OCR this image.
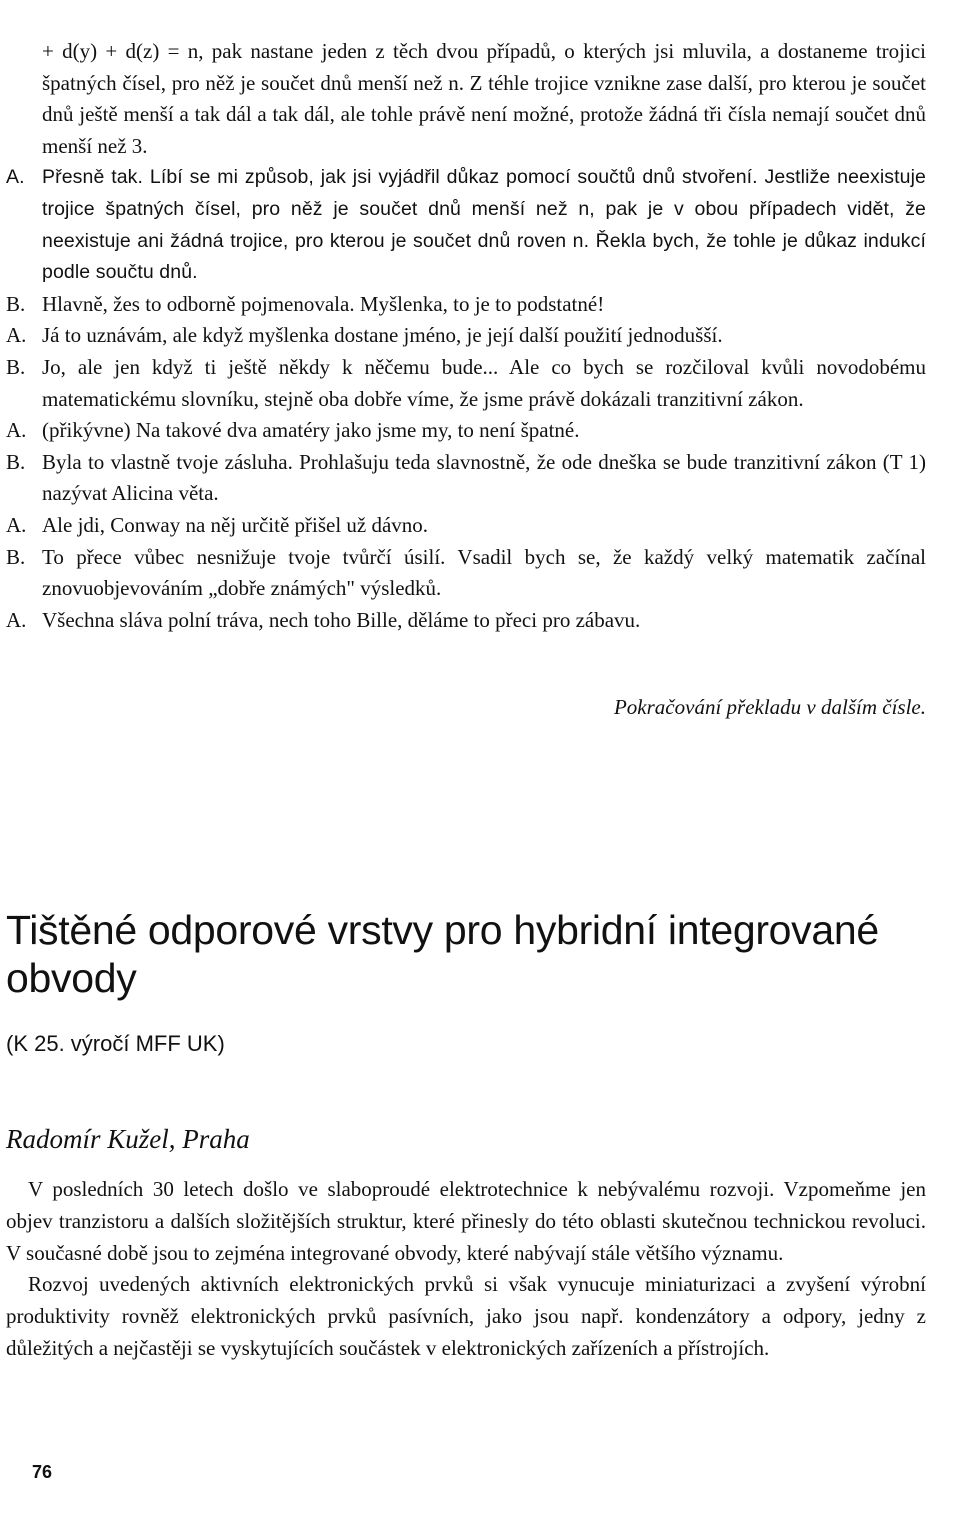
+ d(y) + d(z) = n, pak nastane jeden z těch dvou případů, o kterých jsi mluvila, a dostaneme trojici špatných čísel, pro něž je součet dnů menší než n. Z téhle trojice vznikne zase další, pro kterou je součet dnů ještě menší a tak dál a tak dál, ale tohle právě není možné, protože žádná tři čísla nemají součet dnů menší než 3.

A. Přesně tak. Líbí se mi způsob, jak jsi vyjádřil důkaz pomocí součtů dnů stvoření. Jestliže neexistuje trojice špatných čísel, pro něž je součet dnů menší než n, pak je v obou případech vidět, že neexistuje ani žádná trojice, pro kterou je součet dnů roven n. Řekla bych, že tohle je důkaz indukcí podle součtu dnů.

B. Hlavně, žes to odborně pojmenovala. Myšlenka, to je to podstatné!

A. Já to uznávám, ale když myšlenka dostane jméno, je její další použití jednodušší.

B. Jo, ale jen když ti ještě někdy k něčemu bude... Ale co bych se rozčiloval kvůli novodobému matematickému slovníku, stejně oba dobře víme, že jsme právě dokázali tranzitivní zákon.

A. (přikývne) Na takové dva amatéry jako jsme my, to není špatné.

B. Byla to vlastně tvoje zásluha. Prohlašuju teda slavnostně, že ode dneška se bude tranzitivní zákon (T 1) nazývat Alicina věta.

A. Ale jdi, Conway na něj určitě přišel už dávno.

B. To přece vůbec nesnižuje tvoje tvůrčí úsilí. Vsadil bych se, že každý velký matematik začínal znovuobjevováním „dobře známých" výsledků.

A. Všechna sláva polní tráva, nech toho Bille, děláme to přeci pro zábavu.

Pokračování překladu v dalším čísle.
Tištěné odporové vrstvy pro hybridní integrované obvody
(K 25. výročí MFF UK)
Radomír Kužel, Praha

V posledních 30 letech došlo ve slaboproudé elektrotechnice k nebývalému rozvoji. Vzpomeňme jen objev tranzistoru a dalších složitějších struktur, které přinesly do této oblasti skutečnou technickou revoluci. V současné době jsou to zejména integrované obvody, které nabývají stále většího významu.

Rozvoj uvedených aktivních elektronických prvků si však vynucuje miniaturizaci a zvyšení výrobní produktivity rovněž elektronických prvků pasívních, jako jsou např. kondenzátory a odpory, jedny z důležitých a nejčastěji se vyskytujících součástek v elektronických zařízeních a přístrojích.

76
